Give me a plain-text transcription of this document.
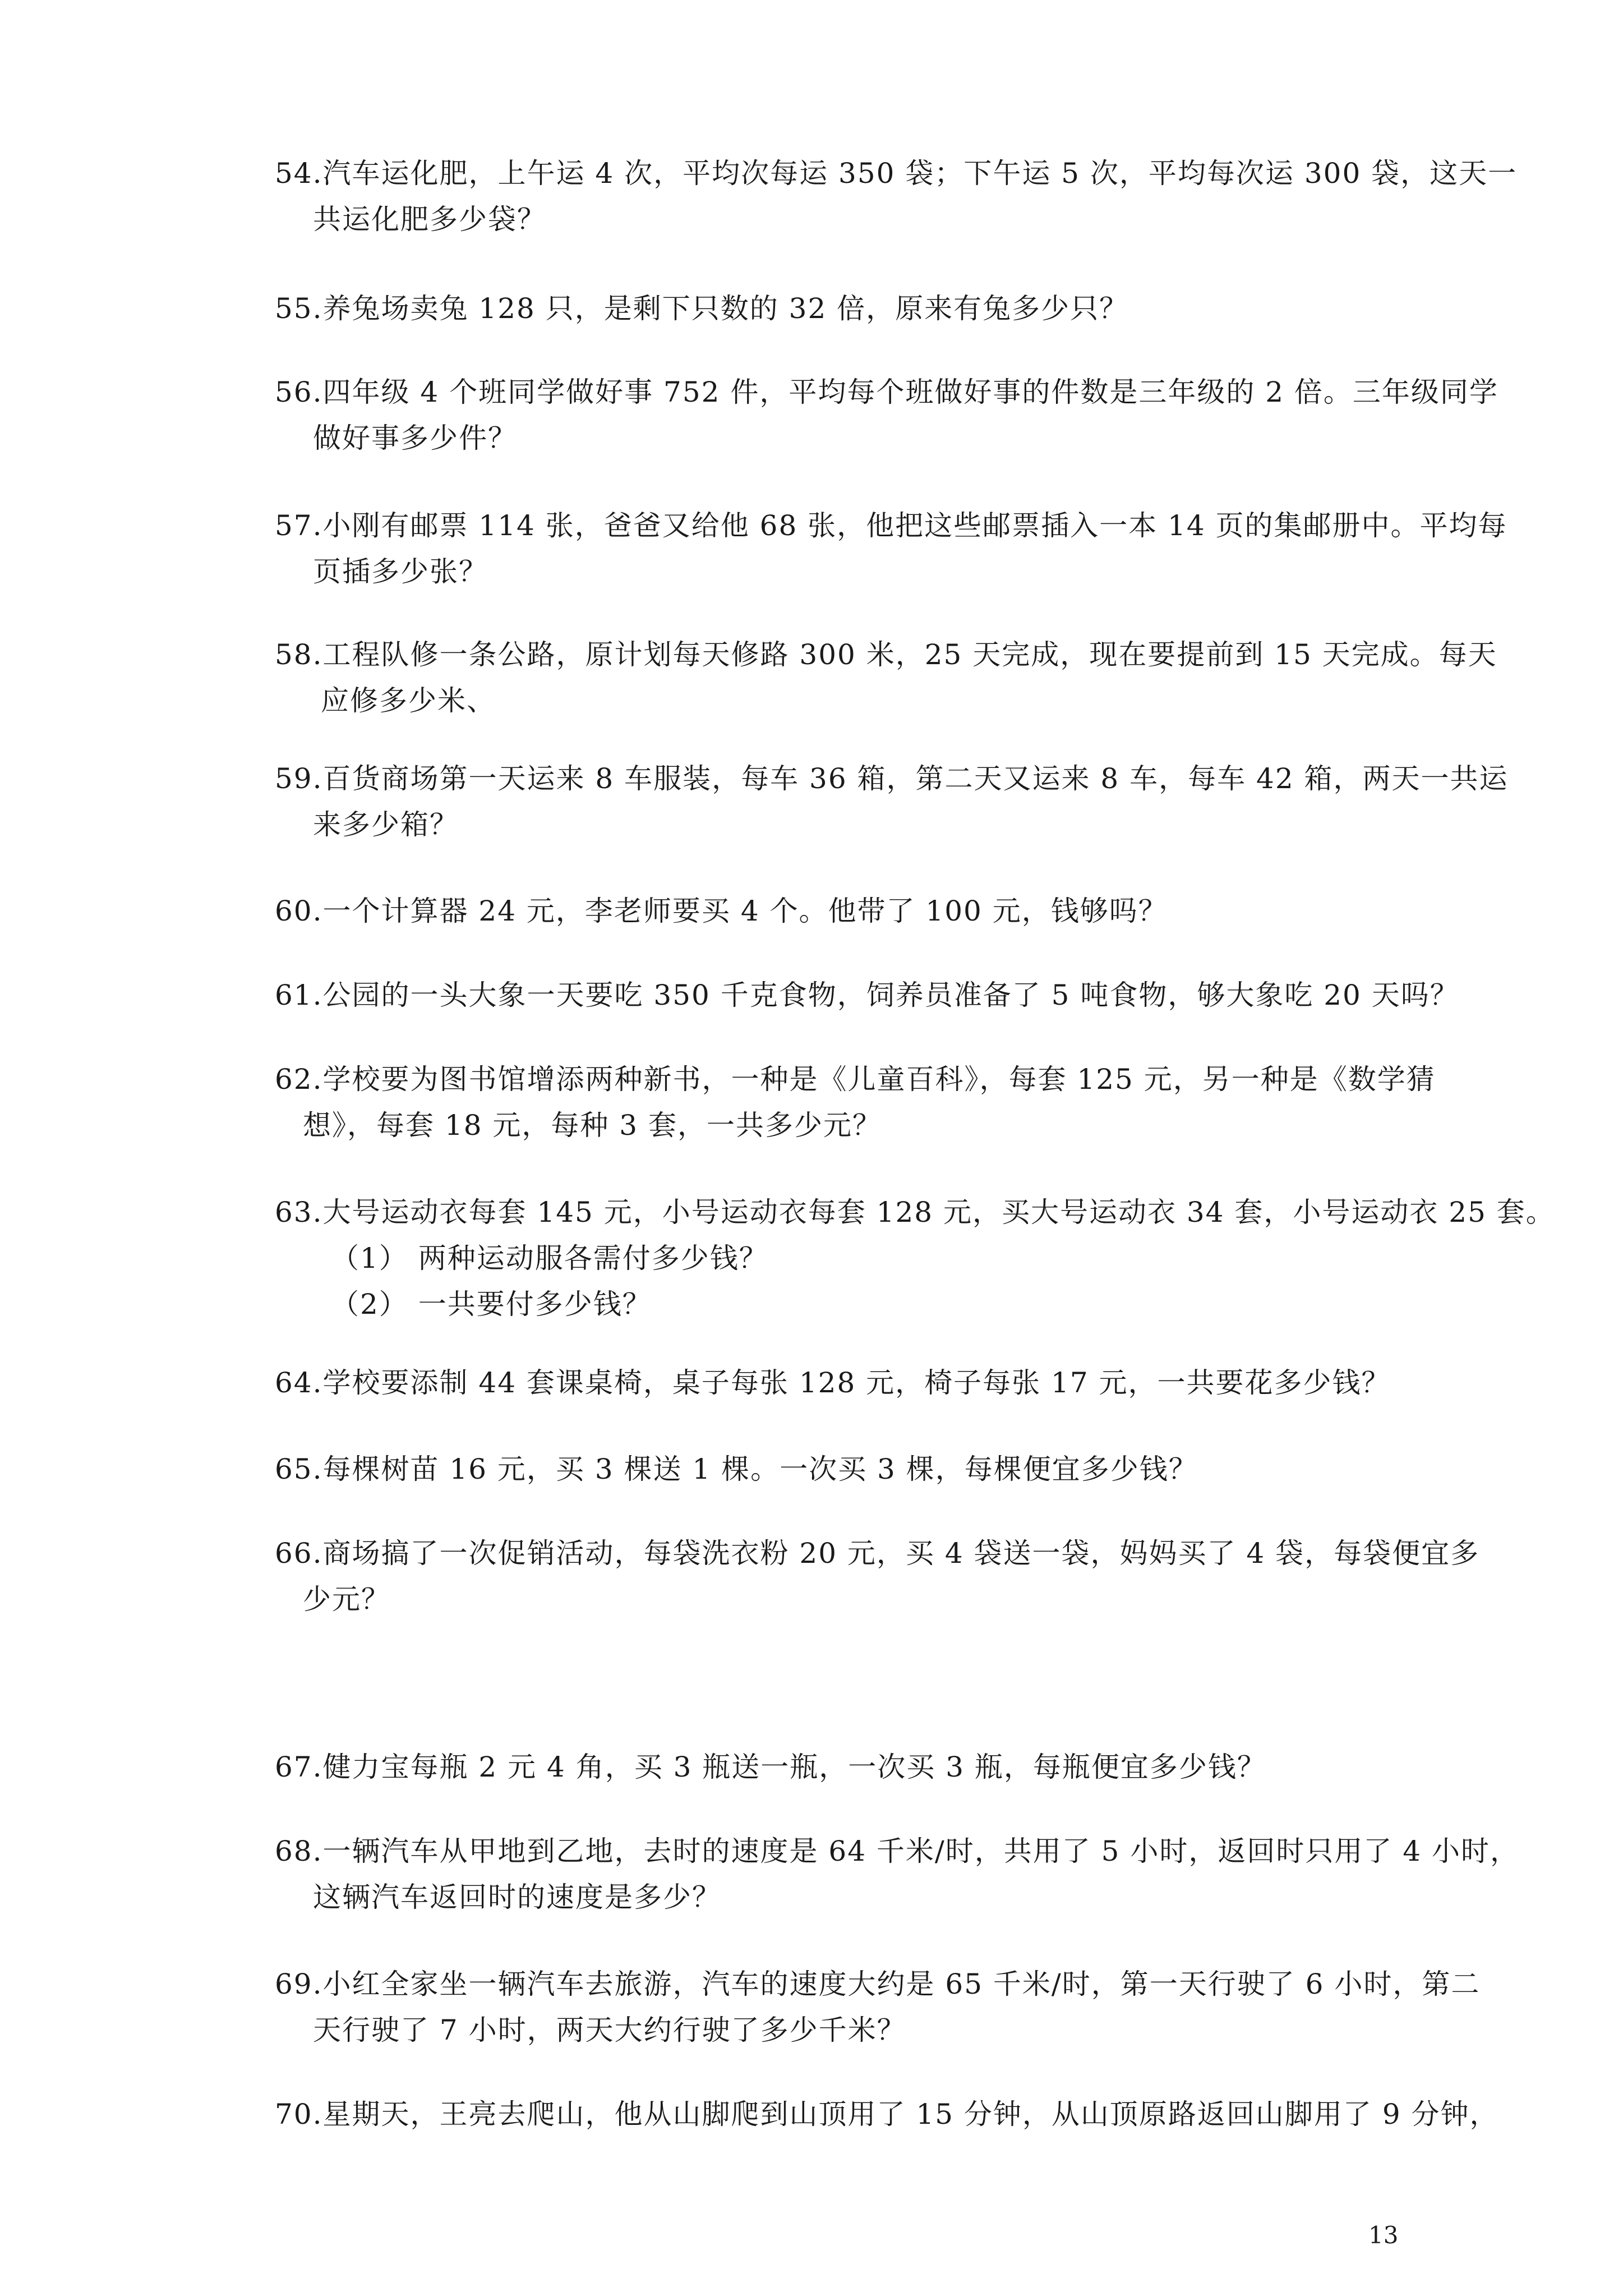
54.汽车运化肥，上午运 4 次，平均次每运 350 袋；下午运 5 次，平均每次运 300 袋，这天一
共运化肥多少袋？
55.养兔场卖兔 128 只，是剩下只数的 32 倍，原来有兔多少只？
56.四年级 4 个班同学做好事 752 件，平均每个班做好事的件数是三年级的 2 倍。三年级同学
做好事多少件？
57.小刚有邮票 114 张，爸爸又给他 68 张，他把这些邮票插入一本 14 页的集邮册中。平均每
页插多少张？
58.工程队修一条公路，原计划每天修路 300 米，25 天完成，现在要提前到 15 天完成。每天
应修多少米、
59.百货商场第一天运来 8 车服装，每车 36 箱，第二天又运来 8 车，每车 42 箱，两天一共运
来多少箱？
60.一个计算器 24 元，李老师要买 4 个。他带了 100 元，钱够吗？
61.公园的一头大象一天要吃 350 千克食物，饲养员准备了 5 吨食物，够大象吃 20 天吗？
62.学校要为图书馆增添两种新书，一种是《儿童百科》，每套 125 元，另一种是《数学猜
想》，每套 18 元，每种 3 套，一共多少元？
63.大号运动衣每套 145 元，小号运动衣每套 128 元，买大号运动衣 34 套，小号运动衣 25 套。
（1） 两种运动服各需付多少钱？
（2） 一共要付多少钱？
64.学校要添制 44 套课桌椅，桌子每张 128 元，椅子每张 17 元，一共要花多少钱？
65.每棵树苗 16 元，买 3 棵送 1 棵。一次买 3 棵，每棵便宜多少钱？
66.商场搞了一次促销活动，每袋洗衣粉 20 元，买 4 袋送一袋，妈妈买了 4 袋，每袋便宜多
少元？
67.健力宝每瓶 2 元 4 角，买 3 瓶送一瓶，一次买 3 瓶，每瓶便宜多少钱？
68.一辆汽车从甲地到乙地，去时的速度是 64 千米/时，共用了 5 小时，返回时只用了 4 小时，
这辆汽车返回时的速度是多少？
69.小红全家坐一辆汽车去旅游，汽车的速度大约是 65 千米/时，第一天行驶了 6 小时，第二
天行驶了 7 小时，两天大约行驶了多少千米？
70.星期天，王亮去爬山，他从山脚爬到山顶用了 15 分钟，从山顶原路返回山脚用了 9 分钟，
13
